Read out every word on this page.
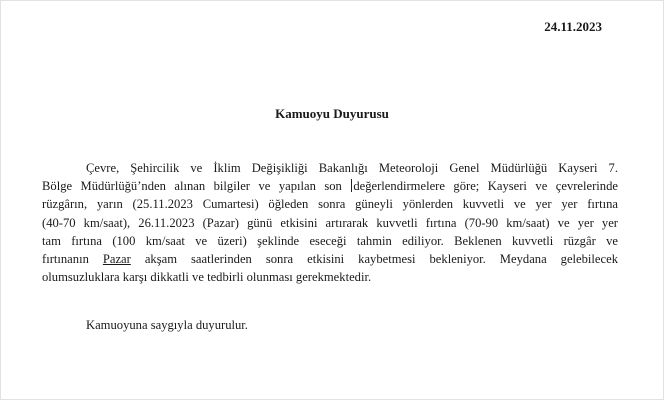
24.11.2023
Kamuoyu Duyurusu
Çevre, Şehircilik ve İklim Değişikliği Bakanlığı Meteoroloji Genel Müdürlüğü Kayseri 7.
Bölge Müdürlüğü’nden alınan bilgiler ve yapılan son değerlendirmelere göre; Kayseri ve çevrelerinde
rüzgârın, yarın (25.11.2023 Cumartesi) öğleden sonra güneyli yönlerden kuvvetli ve yer yer fırtına
(40-70 km/saat), 26.11.2023 (Pazar) günü etkisini artırarak kuvvetli fırtına (70-90 km/saat) ve yer yer
tam fırtına (100 km/saat ve üzeri) şeklinde eseceği tahmin ediliyor. Beklenen kuvvetli rüzgâr ve
fırtınanın Pazar akşam saatlerinden sonra etkisini kaybetmesi bekleniyor. Meydana gelebilecek
olumsuzluklara karşı dikkatli ve tedbirli olunması gerekmektedir.
Kamuoyuna saygıyla duyurulur.
